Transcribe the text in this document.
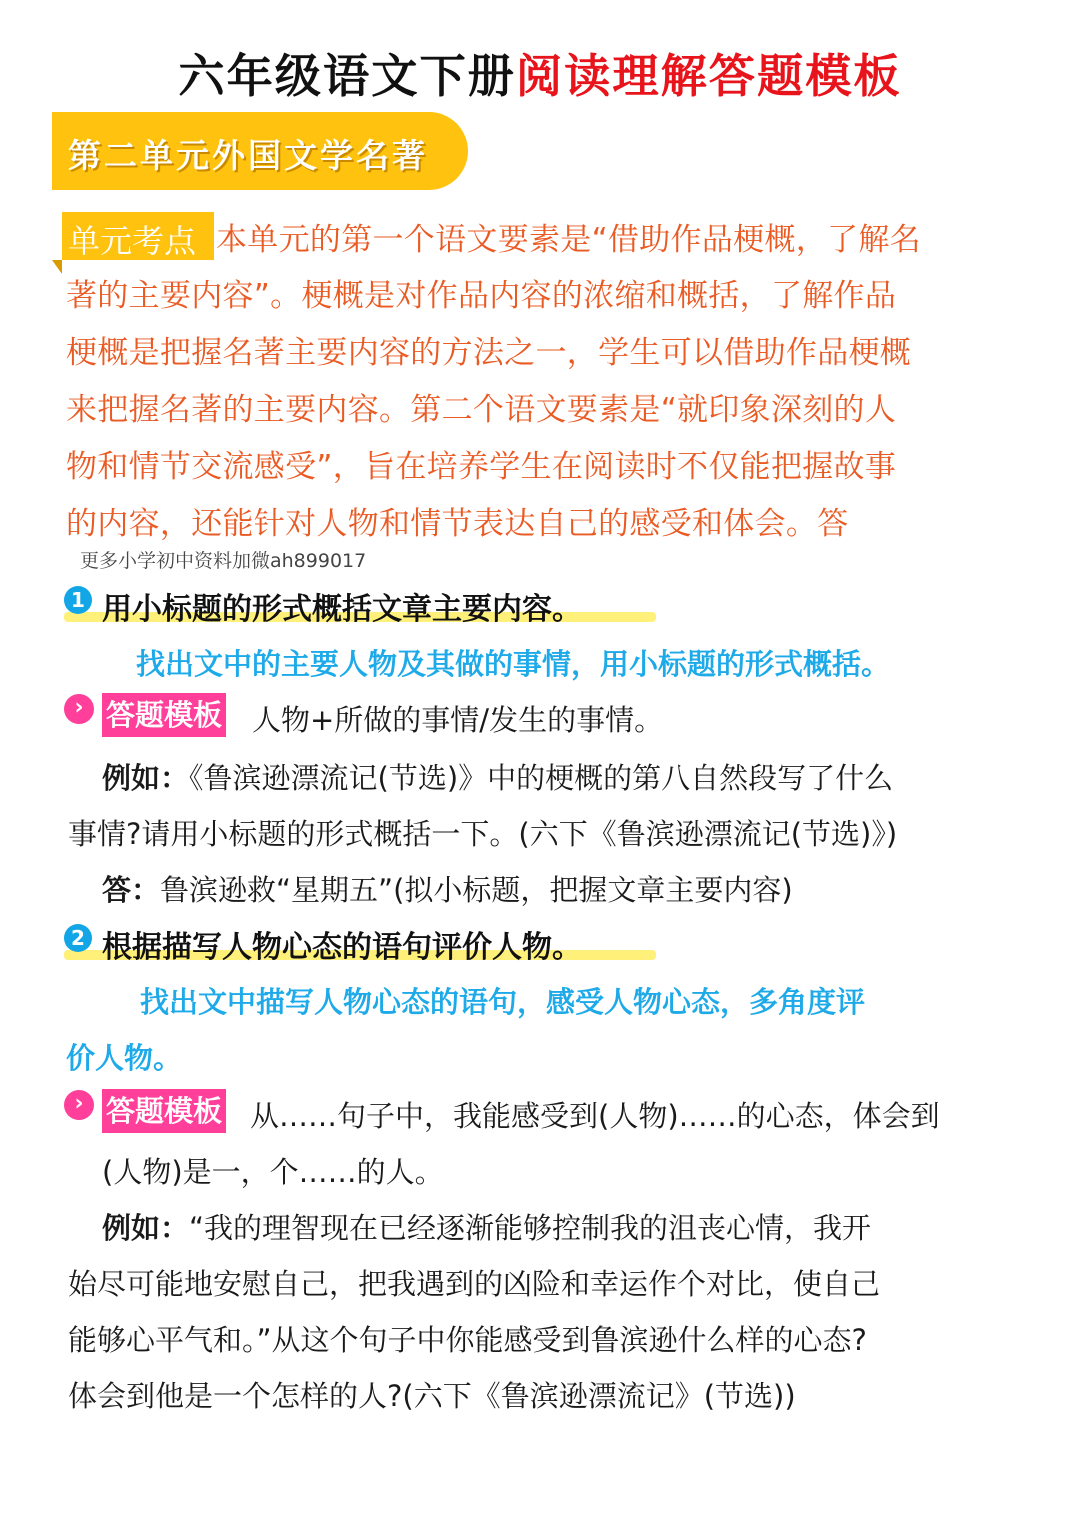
六年级语文下册阅读理解答题模板
第二单元外国文学名著
单元考点 本单元的第一个语文要素是“借助作品梗概，了解名
著的主要内容”。梗概是对作品内容的浓缩和概括，了解作品
梗概是把握名著主要内容的方法之一，学生可以借助作品梗概
来把握名著的主要内容。第二个语文要素是“就印象深刻的人
物和情节交流感受”，旨在培养学生在阅读时不仅能把握故事
的内容，还能针对人物和情节表达自己的感受和体会。答
更多小学初中资料加微ah899017
1 用小标题的形式概括文章主要内容。
找出文中的主要人物及其做的事情，用小标题的形式概括。
› 答题模板 人物+所做的事情/发生的事情。
例如：《鲁滨逊漂流记(节选)》中的梗概的第八自然段写了什么
事情?请用小标题的形式概括一下。(六下《鲁滨逊漂流记(节选)》)
答：鲁滨逊救“星期五”(拟小标题，把握文章主要内容)
2 根据描写人物心态的语句评价人物。
找出文中描写人物心态的语句，感受人物心态，多角度评
价人物。
› 答题模板 从……句子中，我能感受到(人物)……的心态，体会到
(人物)是一，个……的人。
例如：“我的理智现在已经逐渐能够控制我的沮丧心情，我开
始尽可能地安慰自己，把我遇到的凶险和幸运作个对比，使自己
能够心平气和。”从这个句子中你能感受到鲁滨逊什么样的心态?
体会到他是一个怎样的人?(六下《鲁滨逊漂流记》(节选))
